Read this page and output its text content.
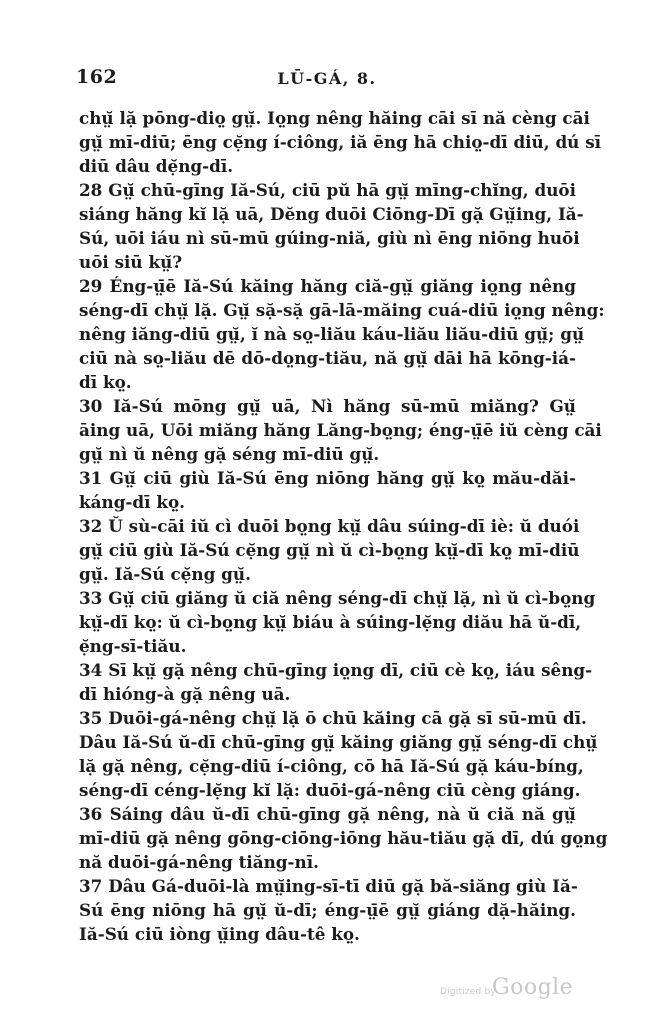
162	LŪ-GÁ, 8.
chṳ̆ lặ pōng-diọ̤ gṳ̆. Iọ̤ng nêng hăing cāi sī nă cèng cāi
gṳ̆ mī-diū; ēng cẹ̆ng í-ciông, iă ēng hā chiọ̤-dī diū, dú sī
diū dâu dẹ̆ng-dī.
28 Gṳ̆ chū-gīng Iă-Sú, ciū pŭ hā gṳ̆ mīng-chĭng, duōi
siáng hăng kĭ lặ uā, Dĕng duōi Ciōng-Dī gặ Gṳ̆ing, Iă-
Sú, uōi iáu nì sū-mū gúing-niă, giù nì ēng niōng huōi
uōi siū kṳ̆?
29 Éng-ṳ̄ē Iă-Sú kăing hăng ciă-gṳ̆ giăng iọ̤ng nêng
séng-dī chṳ̆ lặ. Gṳ̆ sặ-sặ gā-lā-măing cuá-diū iọ̤ng nêng:
nêng iăng-diū gṳ̆, ĭ nà sọ̤-liău káu-liău liău-diū gṳ̆; gṳ̆
ciū nà sọ̤-liău dē dō-dọ̤ng-tiău, nă gṳ̆ dāi hā kōng-iá-
dī kọ̤.
30 Iă-Sú mōng gṳ̆ uā, Nì hăng sū-mū miăng? Gṳ̆
āing uā, Uōi miăng hăng Lăng-bọ̤ng; éng-ṳ̄ē iŭ cèng cāi
gṳ̆ nì ŭ nêng gặ séng mī-diū gṳ̆.
31 Gṳ̆ ciū giù Iă-Sú ēng niōng hăng gṳ̆ kọ̤ mău-dăi-
káng-dī kọ̤.
32 Ŭ sù-cāi iŭ cì duōi bọ̤ng kṳ̆ dâu súing-dī iè: ŭ duói
gṳ̆ ciū giù Iă-Sú cẹ̆ng gṳ̆ nì ŭ cì-bọ̤ng kṳ̆-dī kọ̤ mī-diū
gṳ̆. Iă-Sú cẹ̆ng gṳ̆.
33 Gṳ̆ ciū giăng ŭ ciă nêng séng-dī chṳ̆ lặ, nì ŭ cì-bọ̤ng
kṳ̆-dī kọ̤: ŭ cì-bọ̤ng kṳ̆ biáu à súing-lẹ̆ng diău hā ŭ-dī,
ẹ̆ng-sī-tiău.
34 Sī kṳ̆ gặ nêng chū-gīng iọ̤ng dī, ciū cè kọ̤, iáu sêng-
dī hióng-à gặ nêng uā.
35 Duōi-gá-nêng chṳ̆ lặ ō chū kăing cā gặ sī sū-mū dī.
Dâu Iă-Sú ŭ-dī chū-gīng gṳ̆ kăing giăng gṳ̆ séng-dī chṳ̆
lặ gặ nêng, cẹ̆ng-diū í-ciông, cō hā Iă-Sú gặ káu-bíng,
séng-dī céng-lẹ̆ng kĭ lặ: duōi-gá-nêng ciū cèng giáng.
36 Sáing dâu ŭ-dī chū-gīng gặ nêng, nà ŭ ciă nă gṳ̆
mī-diū gặ nêng gōng-ciōng-iōng hău-tiău gặ dī, dú gọ̤ng
nă duōi-gá-nêng tiăng-nī.
37 Dâu Gá-duōi-là mṳ̆ing-sī-tī diū gặ bă-siăng giù Iă-
Sú ēng niōng hā gṳ̆ ŭ-dī; éng-ṳ̄ē gṳ̆ giáng dặ-hăing.
Iă-Sú ciū iòng ṳ̆ing dâu-tê kọ̤.
Digitized by
Google
